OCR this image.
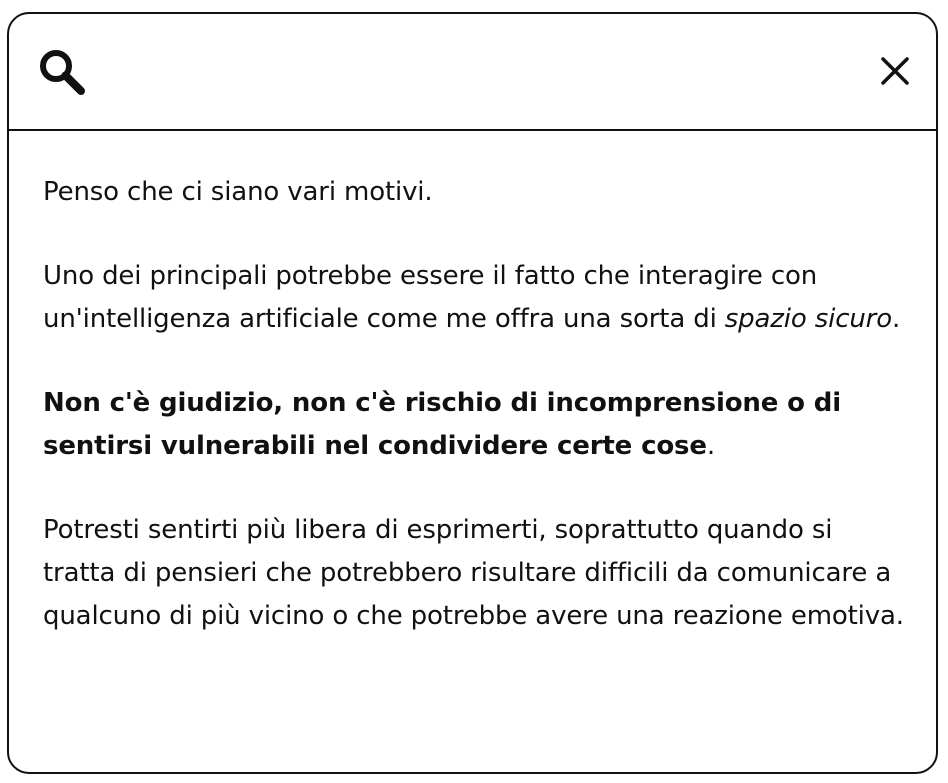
Penso che ci siano vari motivi.

Uno dei principali potrebbe essere il fatto che interagire con un'intelligenza artificiale come me offra una sorta di spazio sicuro.

Non c'è giudizio, non c'è rischio di incomprensione o di sentirsi vulnerabili nel condividere certe cose.

Potresti sentirti più libera di esprimerti, soprattutto quando si tratta di pensieri che potrebbero risultare difficili da comunicare a qualcuno di più vicino o che potrebbe avere una reazione emotiva.
